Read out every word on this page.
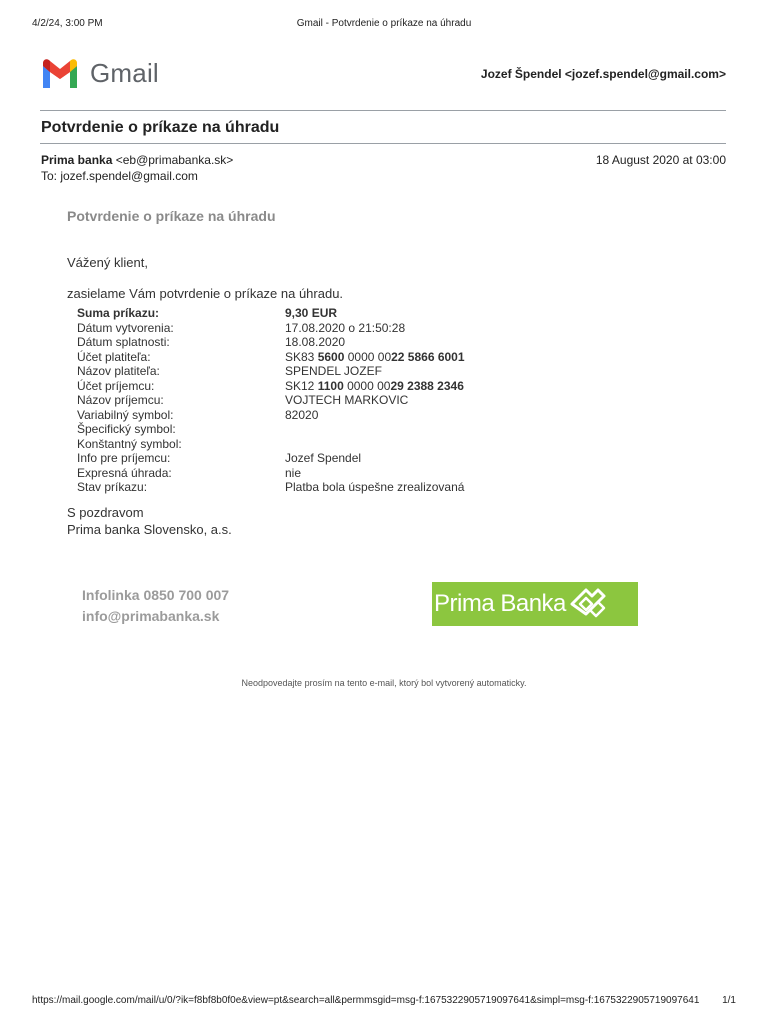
4/2/24, 3:00 PM	Gmail - Potvrdenie o príkaze na úhradu
Gmail	Jozef Špendel <jozef.spendel@gmail.com>
Potvrdenie o príkaze na úhradu
Prima banka <eb@primabanka.sk>
To: jozef.spendel@gmail.com
18 August 2020 at 03:00
Potvrdenie o príkaze na úhradu
Vážený klient,
zasielame Vám potvrdenie o príkaze na úhradu.
Suma príkazu:	9,30 EUR
Dátum vytvorenia:	17.08.2020 o 21:50:28
Dátum splatnosti:	18.08.2020
Účet platiteľa:	SK83 5600 0000 0022 5866 6001
Názov platiteľa:	SPENDEL JOZEF
Účet príjemcu:	SK12 1100 0000 0029 2388 2346
Názov príjemcu:	VOJTECH MARKOVIC
Variabilný symbol:	82020
Špecifický symbol:	
Konštantný symbol:	
Info pre príjemcu:	Jozef Spendel
Expresná úhrada:	nie
Stav príkazu:	Platba bola úspešne zrealizovaná
S pozdravom
Prima banka Slovensko, a.s.
Infolinka 0850 700 007
info@primabanka.sk	Prima Banka
Neodpovedajte prosím na tento e-mail, ktorý bol vytvorený automaticky.
https://mail.google.com/mail/u/0/?ik=f8bf8b0f0e&view=pt&search=all&permmsgid=msg-f:1675322905719097641&simpl=msg-f:1675322905719097641 1/1
